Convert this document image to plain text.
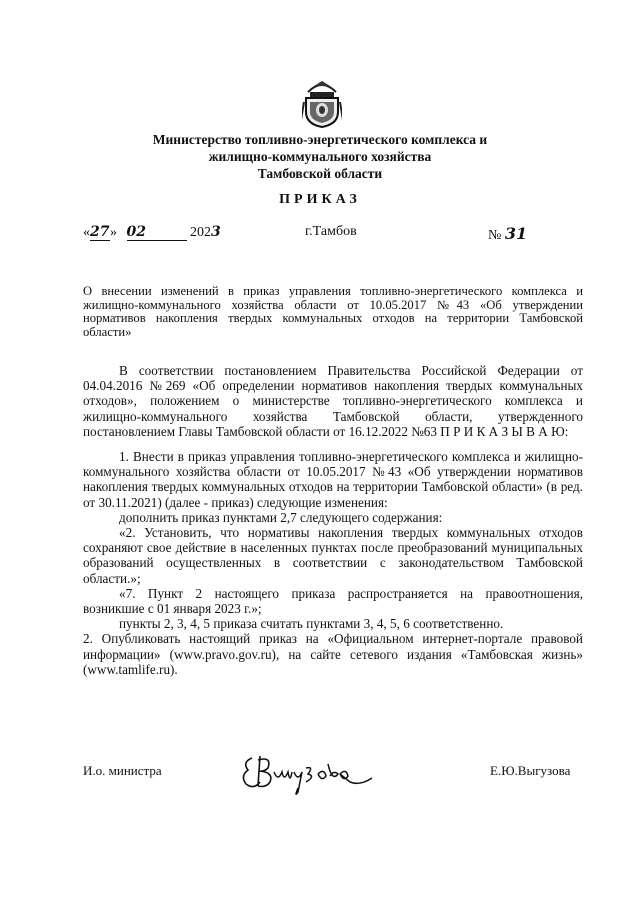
Министерство топливно-энергетического комплекса и
жилищно-коммунального хозяйства
Тамбовской области
ПРИКАЗ
«27» 02	2023	г.Тамбов	№ 31
О внесении изменений в приказ управления топливно-энергетического комплекса и жилищно-коммунального хозяйства области от 10.05.2017 №43 «Об утверждении нормативов накопления твердых коммунальных отходов на территории Тамбовской области»

В соответствии постановлением Правительства Российской Федерации от 04.04.2016 №269 «Об определении нормативов накопления твердых коммунальных отходов», положением о министерстве топливно-энергетического комплекса и жилищно-коммунального хозяйства Тамбовской области, утвержденного постановлением Главы Тамбовской области от 16.12.2022 №63 П Р И К А З Ы В А Ю:

1. Внести в приказ управления топливно-энергетического комплекса и жилищно-коммунального хозяйства области от 10.05.2017 №43 «Об утверждении нормативов накопления твердых коммунальных отходов на территории Тамбовской области» (в ред. от 30.11.2021) (далее - приказ) следующие изменения:

дополнить приказ пунктами 2,7 следующего содержания:

«2. Установить, что нормативы накопления твердых коммунальных отходов сохраняют свое действие в населенных пунктах после преобразований муниципальных образований осуществленных в соответствии с законодательством Тамбовской области.»;

«7. Пункт 2 настоящего приказа распространяется на правоотношения, возникшие с 01 января 2023 г.»;

пункты 2, 3, 4, 5 приказа считать пунктами 3, 4, 5, 6 соответственно.

2. Опубликовать настоящий приказ на «Официальном интернет-портале правовой информации» (www.pravo.gov.ru), на сайте сетевого издания «Тамбовская жизнь» (www.tamlife.ru).

И.о. министра	Е.Ю.Выгузова
